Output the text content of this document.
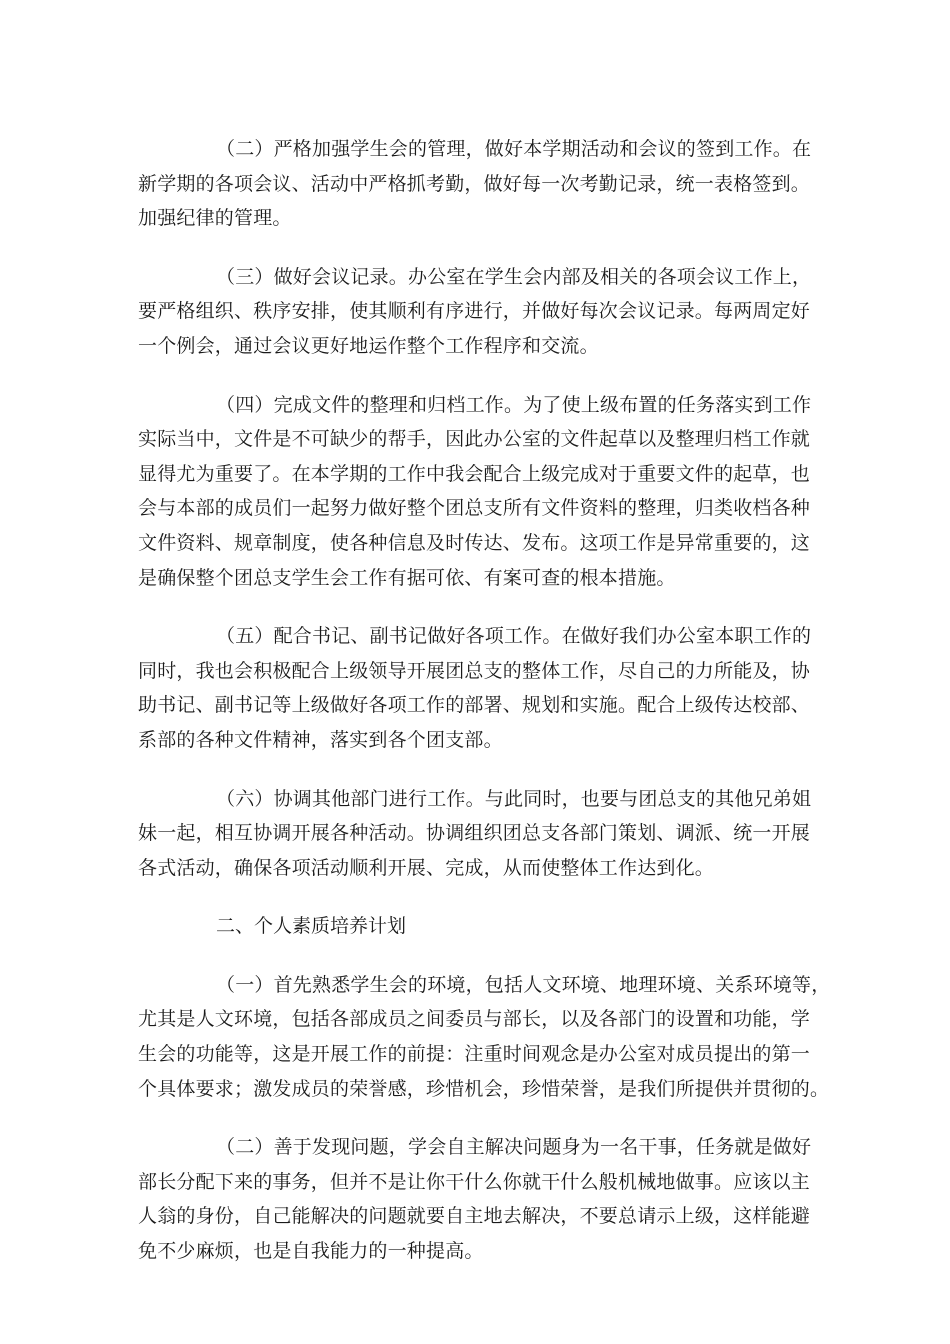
（二）严格加强学生会的管理，做好本学期活动和会议的签到工作。在
新学期的各项会议、活动中严格抓考勤，做好每一次考勤记录，统一表格签到。
加强纪律的管理。
（三）做好会议记录。办公室在学生会内部及相关的各项会议工作上，
要严格组织、秩序安排，使其顺利有序进行，并做好每次会议记录。每两周定好
一个例会，通过会议更好地运作整个工作程序和交流。
（四）完成文件的整理和归档工作。为了使上级布置的任务落实到工作
实际当中，文件是不可缺少的帮手，因此办公室的文件起草以及整理归档工作就
显得尤为重要了。在本学期的工作中我会配合上级完成对于重要文件的起草，也
会与本部的成员们一起努力做好整个团总支所有文件资料的整理，归类收档各种
文件资料、规章制度，使各种信息及时传达、发布。这项工作是异常重要的，这
是确保整个团总支学生会工作有据可依、有案可查的根本措施。
（五）配合书记、副书记做好各项工作。在做好我们办公室本职工作的
同时，我也会积极配合上级领导开展团总支的整体工作，尽自己的力所能及，协
助书记、副书记等上级做好各项工作的部署、规划和实施。配合上级传达校部、
系部的各种文件精神，落实到各个团支部。
（六）协调其他部门进行工作。与此同时，也要与团总支的其他兄弟姐
妹一起，相互协调开展各种活动。协调组织团总支各部门策划、调派、统一开展
各式活动，确保各项活动顺利开展、完成，从而使整体工作达到化。
二、个人素质培养计划
（一）首先熟悉学生会的环境，包括人文环境、地理环境、关系环境等，
尤其是人文环境，包括各部成员之间委员与部长，以及各部门的设置和功能，学
生会的功能等，这是开展工作的前提：注重时间观念是办公室对成员提出的第一
个具体要求；激发成员的荣誉感，珍惜机会，珍惜荣誉，是我们所提供并贯彻的。
（二）善于发现问题，学会自主解决问题身为一名干事，任务就是做好
部长分配下来的事务，但并不是让你干什么你就干什么般机械地做事。应该以主
人翁的身份，自己能解决的问题就要自主地去解决，不要总请示上级，这样能避
免不少麻烦，也是自我能力的一种提高。
